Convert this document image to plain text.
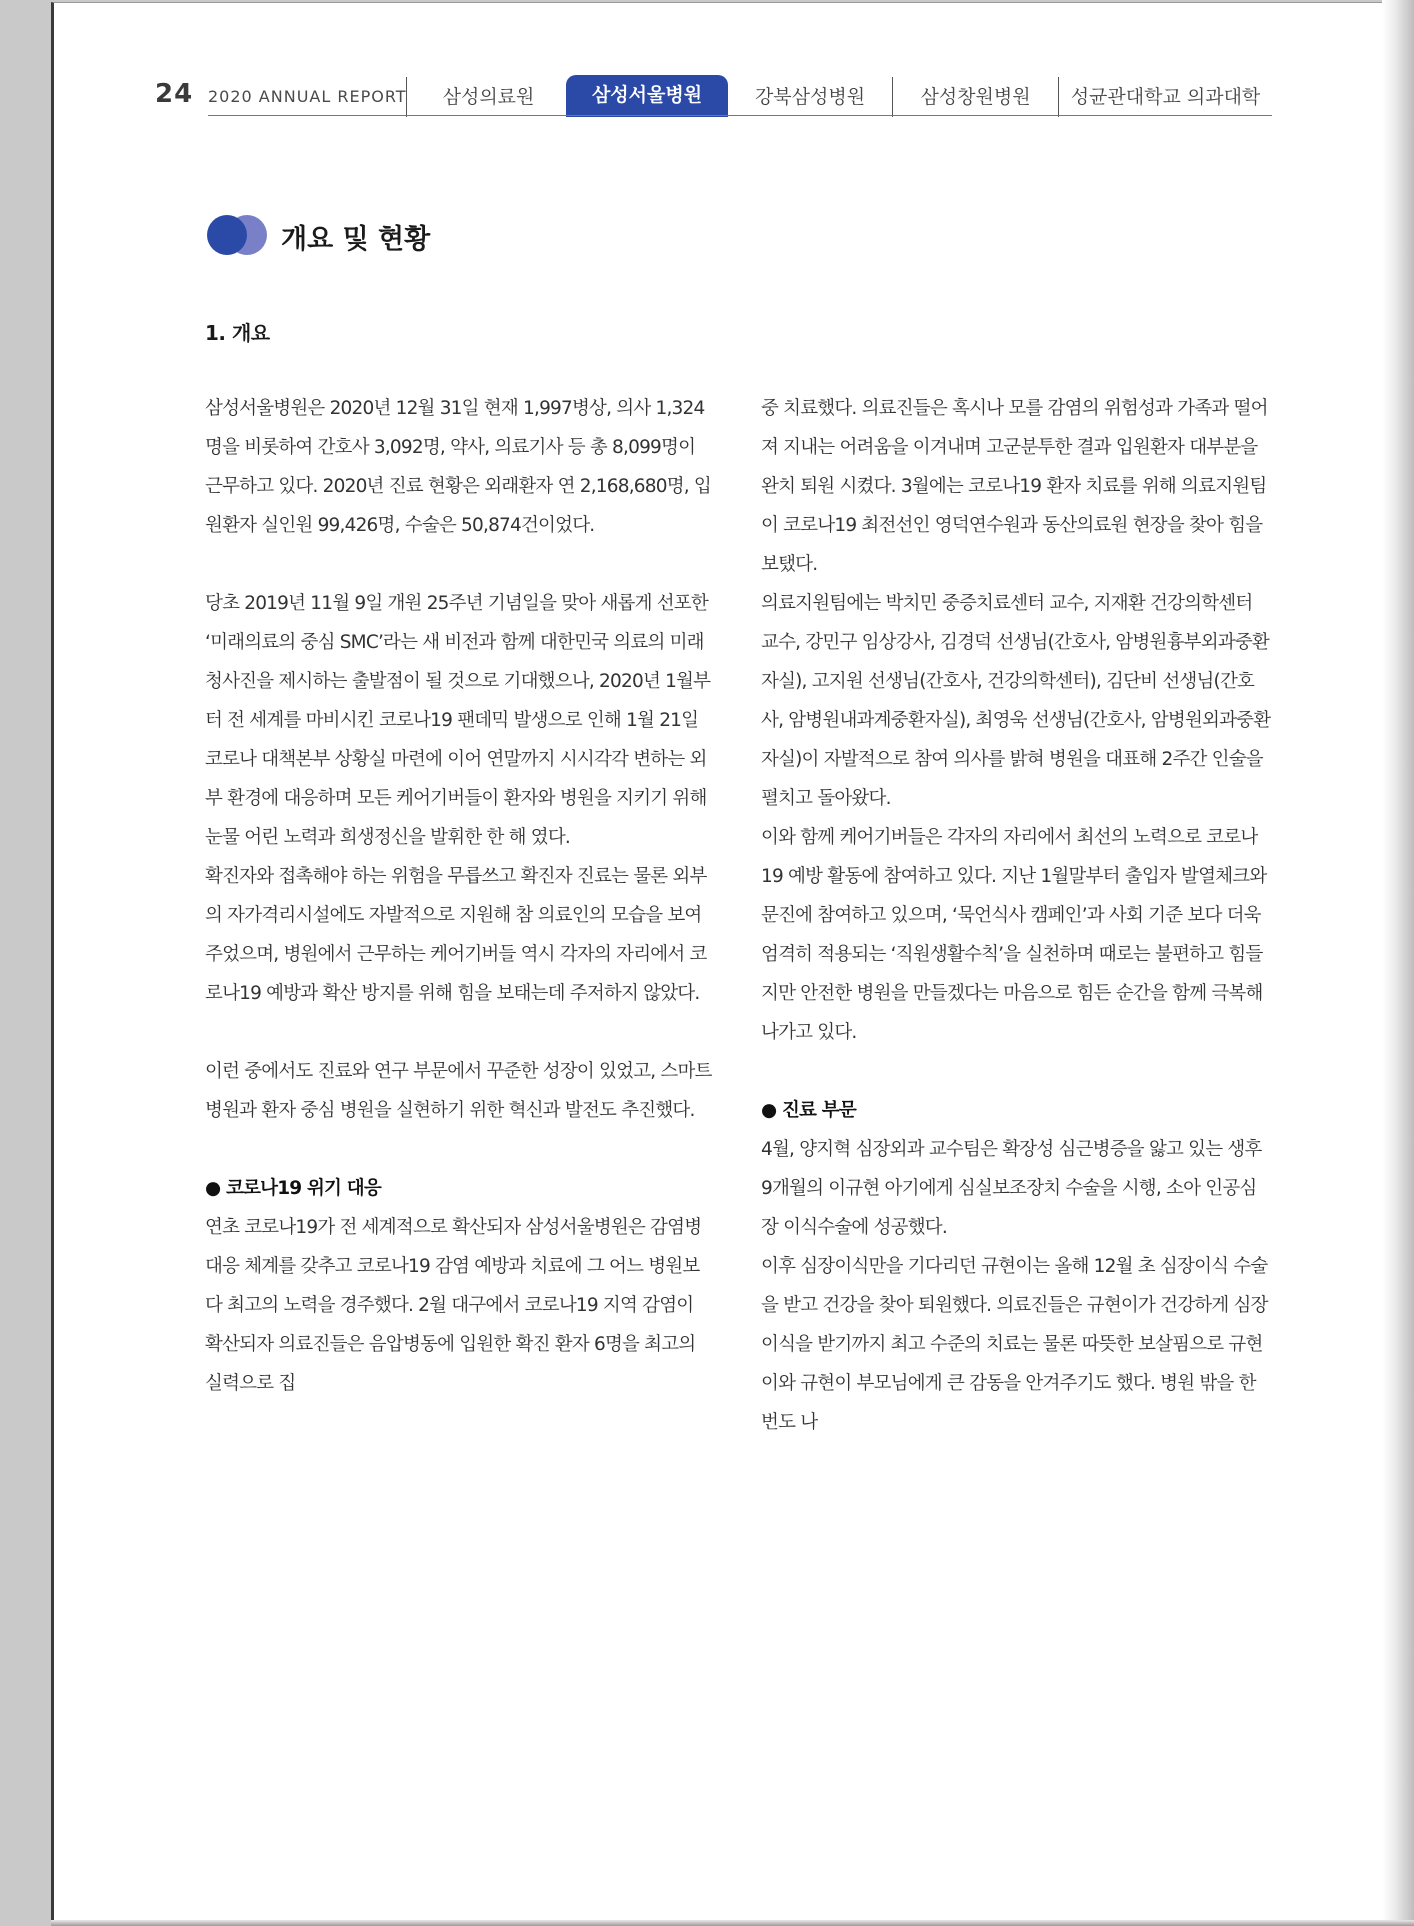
24 2020 ANNUAL REPORT	삼성의료원	삼성서울병원	강북삼성병원	삼성창원병원	성균관대학교 의과대학
개요 및 현황
1. 개요

삼성서울병원은 2020년 12월 31일 현재 1,997병상, 의사 1,324명을 비롯하여 간호사 3,092명, 약사, 의료기사 등 총 8,099명이 근무하고 있다. 2020년 진료 현황은 외래환자 연 2,168,680명, 입원환자 실인원 99,426명, 수술은 50,874건이었다.

당초 2019년 11월 9일 개원 25주년 기념일을 맞아 새롭게 선포한 ‘미래의료의 중심 SMC’라는 새 비전과 함께 대한민국 의료의 미래 청사진을 제시하는 출발점이 될 것으로 기대했으나, 2020년 1월부터 전 세계를 마비시킨 코로나19 팬데믹 발생으로 인해 1월 21일 코로나 대책본부 상황실 마련에 이어 연말까지 시시각각 변하는 외부 환경에 대응하며 모든 케어기버들이 환자와 병원을 지키기 위해 눈물 어린 노력과 희생정신을 발휘한 한 해 였다.

확진자와 접촉해야 하는 위험을 무릅쓰고 확진자 진료는 물론 외부의 자가격리시설에도 자발적으로 지원해 참 의료인의 모습을 보여주었으며, 병원에서 근무하는 케어기버들 역시 각자의 자리에서 코로나19 예방과 확산 방지를 위해 힘을 보태는데 주저하지 않았다.

이런 중에서도 진료와 연구 부문에서 꾸준한 성장이 있었고, 스마트 병원과 환자 중심 병원을 실현하기 위한 혁신과 발전도 추진했다.

● 코로나19 위기 대응

연초 코로나19가 전 세계적으로 확산되자 삼성서울병원은 감염병 대응 체계를 갖추고 코로나19 감염 예방과 치료에 그 어느 병원보다 최고의 노력을 경주했다. 2월 대구에서 코로나19 지역 감염이 확산되자 의료진들은 음압병동에 입원한 확진 환자 6명을 최고의 실력으로 집

중 치료했다. 의료진들은 혹시나 모를 감염의 위험성과 가족과 떨어져 지내는 어려움을 이겨내며 고군분투한 결과 입원환자 대부분을 완치 퇴원 시켰다. 3월에는 코로나19 환자 치료를 위해 의료지원팀이 코로나19 최전선인 영덕연수원과 동산의료원 현장을 찾아 힘을 보탰다.

의료지원팀에는 박치민 중증치료센터 교수, 지재환 건강의학센터 교수, 강민구 임상강사, 김경덕 선생님(간호사, 암병원흉부외과중환자실), 고지원 선생님(간호사, 건강의학센터), 김단비 선생님(간호사, 암병원내과계중환자실), 최영욱 선생님(간호사, 암병원외과중환자실)이 자발적으로 참여 의사를 밝혀 병원을 대표해 2주간 인술을 펼치고 돌아왔다.

이와 함께 케어기버들은 각자의 자리에서 최선의 노력으로 코로나19 예방 활동에 참여하고 있다. 지난 1월말부터 출입자 발열체크와 문진에 참여하고 있으며, ‘묵언식사 캠페인’과 사회 기준 보다 더욱 엄격히 적용되는 ‘직원생활수칙’을 실천하며 때로는 불편하고 힘들지만 안전한 병원을 만들겠다는 마음으로 힘든 순간을 함께 극복해 나가고 있다.

● 진료 부문

4월, 양지혁 심장외과 교수팀은 확장성 심근병증을 앓고 있는 생후 9개월의 이규현 아기에게 심실보조장치 수술을 시행, 소아 인공심장 이식수술에 성공했다.

이후 심장이식만을 기다리던 규현이는 올해 12월 초 심장이식 수술을 받고 건강을 찾아 퇴원했다. 의료진들은 규현이가 건강하게 심장이식을 받기까지 최고 수준의 치료는 물론 따뜻한 보살핌으로 규현이와 규현이 부모님에게 큰 감동을 안겨주기도 했다. 병원 밖을 한 번도 나
